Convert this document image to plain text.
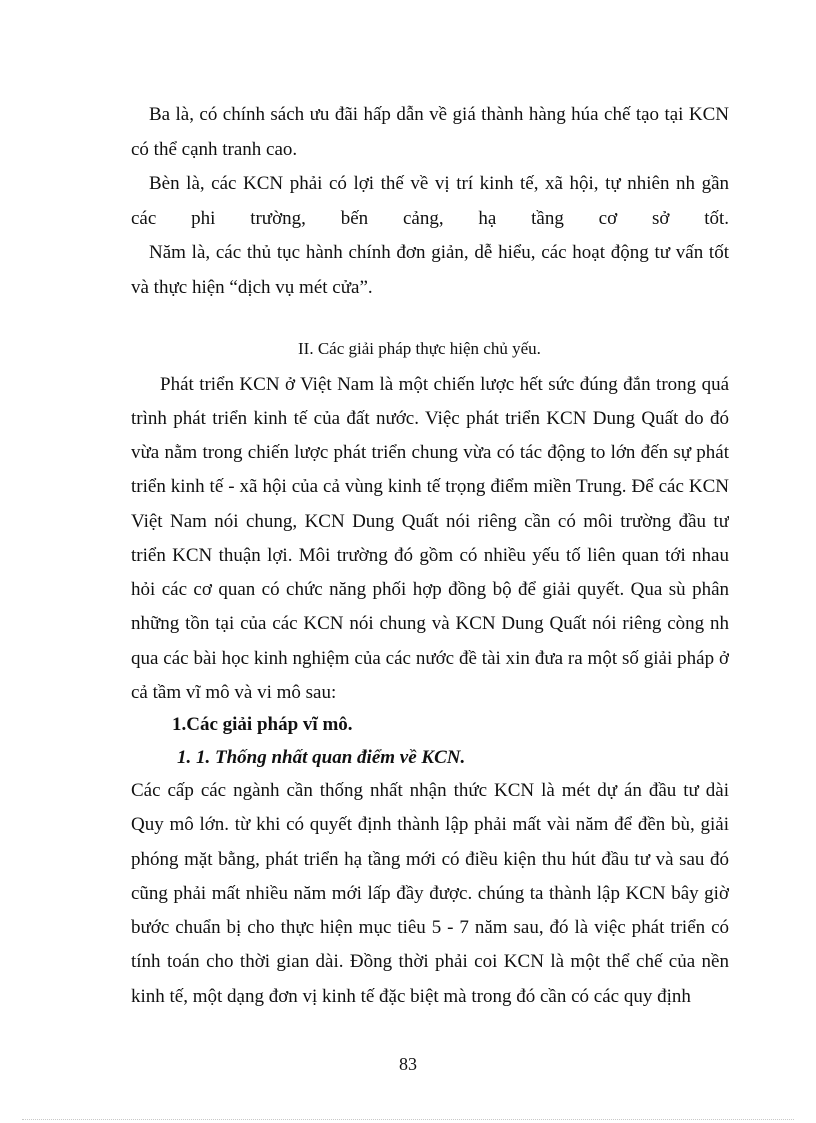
Ba là, có chính sách ưu đãi hấp dẫn về giá thành hàng húa chế tạo tại KCN
có thể cạnh tranh cao.
Bèn là, các KCN phải có lợi thế về vị trí kinh tế, xã hội, tự nhiên nh gần
các phi trường, bến cảng, hạ tầng cơ sở tốt.
Năm là, các thủ tục hành chính đơn giản, dễ hiểu, các hoạt động tư vấn tốt
và thực hiện “dịch vụ mét cửa”.
II. Các giải pháp thực hiện chủ yếu.
Phát triển KCN ở Việt Nam là một chiến lược hết sức đúng đắn trong quá
trình phát triển kinh tế của đất nước. Việc phát triển KCN Dung Quất do đó
vừa nằm trong chiến lược phát triển chung vừa có tác động to lớn đến sự phát
triển kinh tế - xã hội của cả vùng kinh tế trọng điểm miền Trung. Để các KCN
Việt Nam nói chung, KCN Dung Quất nói riêng cần có môi trường đầu tư
triển KCN thuận lợi. Môi trường đó gồm có nhiều yếu tố liên quan tới nhau
hỏi các cơ quan có chức năng phối hợp đồng bộ để giải quyết. Qua sù phân
những tồn tại của các KCN nói chung và KCN Dung Quất nói riêng còng nh
qua các bài học kinh nghiệm của các nước đề tài xin đưa ra một số giải pháp ở
cả tầm vĩ mô và vi mô sau:
1.Các giải pháp vĩ mô.
1. 1. Thống nhất quan điểm về KCN.
Các cấp các ngành cần thống nhất nhận thức KCN là mét dự án đầu tư dài
Quy mô lớn. từ khi có quyết định thành lập phải mất vài năm để đền bù, giải
phóng mặt bằng, phát triển hạ tầng mới có điều kiện thu hút đầu tư và sau đó
cũng phải mất nhiều năm mới lấp đầy được. chúng ta thành lập KCN bây giờ
bước chuẩn bị cho thực hiện mục tiêu 5 - 7 năm sau, đó là việc phát triển có
tính toán cho thời gian dài. Đồng thời phải coi KCN là một thể chế của nền
kinh tế, một dạng đơn vị kinh tế đặc biệt mà trong đó cần có các quy định
83
